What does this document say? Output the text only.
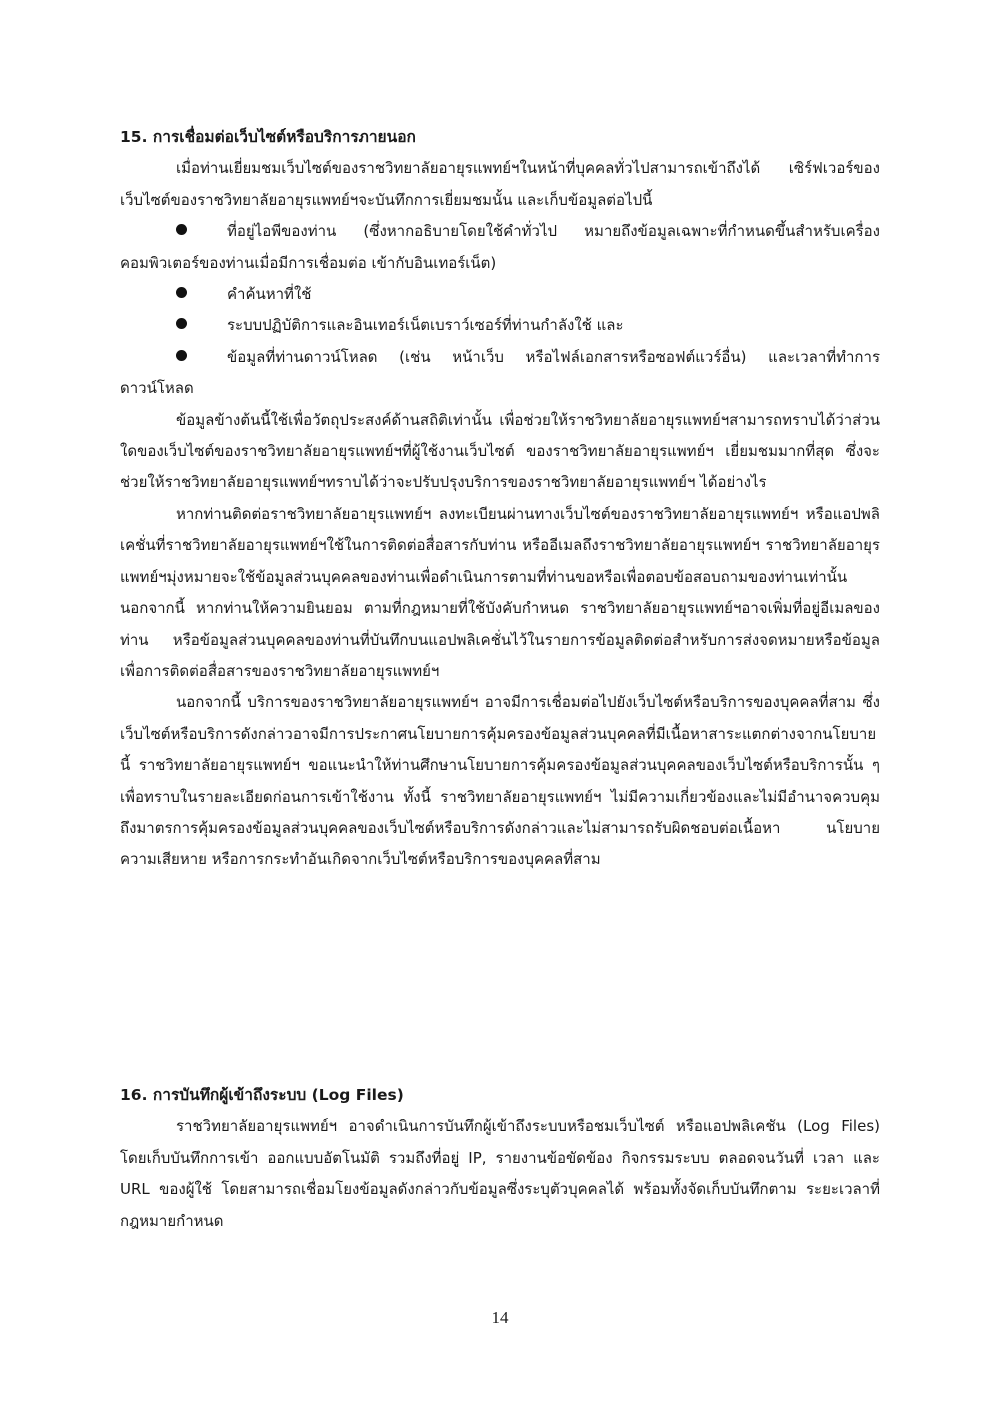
15. การเชื่อมต่อเว็บไซต์หรือบริการภายนอก

เมื่อท่านเยี่ยมชมเว็บไซต์ของราชวิทยาลัยอายุรแพทย์ฯในหน้าที่บุคคลทั่วไปสามารถเข้าถึงได้ เซิร์ฟเวอร์ของเว็บไซต์ของราชวิทยาลัยอายุรแพทย์ฯจะบันทึกการเยี่ยมชมนั้น และเก็บข้อมูลต่อไปนี้

ที่อยู่ไอพีของท่าน (ซึ่งหากอธิบายโดยใช้คำทั่วไป หมายถึงข้อมูลเฉพาะที่กำหนดขึ้นสำหรับเครื่องคอมพิวเตอร์ของท่านเมื่อมีการเชื่อมต่อ เข้ากับอินเทอร์เน็ต)

คำค้นหาที่ใช้

ระบบปฏิบัติการและอินเทอร์เน็ตเบราว์เซอร์ที่ท่านกำลังใช้ และ

ข้อมูลที่ท่านดาวน์โหลด (เช่น หน้าเว็บ หรือไฟล์เอกสารหรือซอฟต์แวร์อื่น) และเวลาที่ทำการดาวน์โหลด

ข้อมูลข้างต้นนี้ใช้เพื่อวัตถุประสงค์ด้านสถิติเท่านั้น เพื่อช่วยให้ราชวิทยาลัยอายุรแพทย์ฯสามารถทราบได้ว่าส่วนใดของเว็บไซต์ของราชวิทยาลัยอายุรแพทย์ฯที่ผู้ใช้งานเว็บไซต์ ของราชวิทยาลัยอายุรแพทย์ฯ เยี่ยมชมมากที่สุด ซึ่งจะช่วยให้ราชวิทยาลัยอายุรแพทย์ฯทราบได้ว่าจะปรับปรุงบริการของราชวิทยาลัยอายุรแพทย์ฯ ได้อย่างไร

หากท่านติดต่อราชวิทยาลัยอายุรแพทย์ฯ ลงทะเบียนผ่านทางเว็บไซต์ของราชวิทยาลัยอายุรแพทย์ฯ หรือแอปพลิเคชั่นที่ราชวิทยาลัยอายุรแพทย์ฯใช้ในการติดต่อสื่อสารกับท่าน หรืออีเมลถึงราชวิทยาลัยอายุรแพทย์ฯ ราชวิทยาลัยอายุรแพทย์ฯมุ่งหมายจะใช้ข้อมูลส่วนบุคคลของท่านเพื่อดำเนินการตามที่ท่านขอหรือเพื่อตอบข้อสอบถามของท่านเท่านั้น นอกจากนี้ หากท่านให้ความยินยอม ตามที่กฎหมายที่ใช้บังคับกำหนด ราชวิทยาลัยอายุรแพทย์ฯอาจเพิ่มที่อยู่อีเมลของท่าน หรือข้อมูลส่วนบุคคลของท่านที่บันทึกบนแอปพลิเคชั่นไว้ในรายการข้อมูลติดต่อสำหรับการส่งจดหมายหรือข้อมูลเพื่อการติดต่อสื่อสารของราชวิทยาลัยอายุรแพทย์ฯ

นอกจากนี้ บริการของราชวิทยาลัยอายุรแพทย์ฯ อาจมีการเชื่อมต่อไปยังเว็บไซต์หรือบริการของบุคคลที่สาม ซึ่งเว็บไซต์หรือบริการดังกล่าวอาจมีการประกาศนโยบายการคุ้มครองข้อมูลส่วนบุคคลที่มีเนื้อหาสาระแตกต่างจากนโยบายนี้ ราชวิทยาลัยอายุรแพทย์ฯ ขอแนะนำให้ท่านศึกษานโยบายการคุ้มครองข้อมูลส่วนบุคคลของเว็บไซต์หรือบริการนั้น ๆ เพื่อทราบในรายละเอียดก่อนการเข้าใช้งาน ทั้งนี้ ราชวิทยาลัยอายุรแพทย์ฯ ไม่มีความเกี่ยวข้องและไม่มีอำนาจควบคุมถึงมาตรการคุ้มครองข้อมูลส่วนบุคคลของเว็บไซต์หรือบริการดังกล่าวและไม่สามารถรับผิดชอบต่อเนื้อหา นโยบาย ความเสียหาย หรือการกระทำอันเกิดจากเว็บไซต์หรือบริการของบุคคลที่สาม

16. การบันทึกผู้เข้าถึงระบบ (Log Files)

ราชวิทยาลัยอายุรแพทย์ฯ อาจดำเนินการบันทึกผู้เข้าถึงระบบหรือชมเว็บไซต์ หรือแอปพลิเคชัน (Log Files) โดยเก็บบันทึกการเข้า ออกแบบอัตโนมัติ รวมถึงที่อยู่ IP, รายงานข้อขัดข้อง กิจกรรมระบบ ตลอดจนวันที่ เวลา และ URL ของผู้ใช้ โดยสามารถเชื่อมโยงข้อมูลดังกล่าวกับข้อมูลซึ่งระบุตัวบุคคลได้ พร้อมทั้งจัดเก็บบันทึกตาม ระยะเวลาที่กฎหมายกำหนด

14
